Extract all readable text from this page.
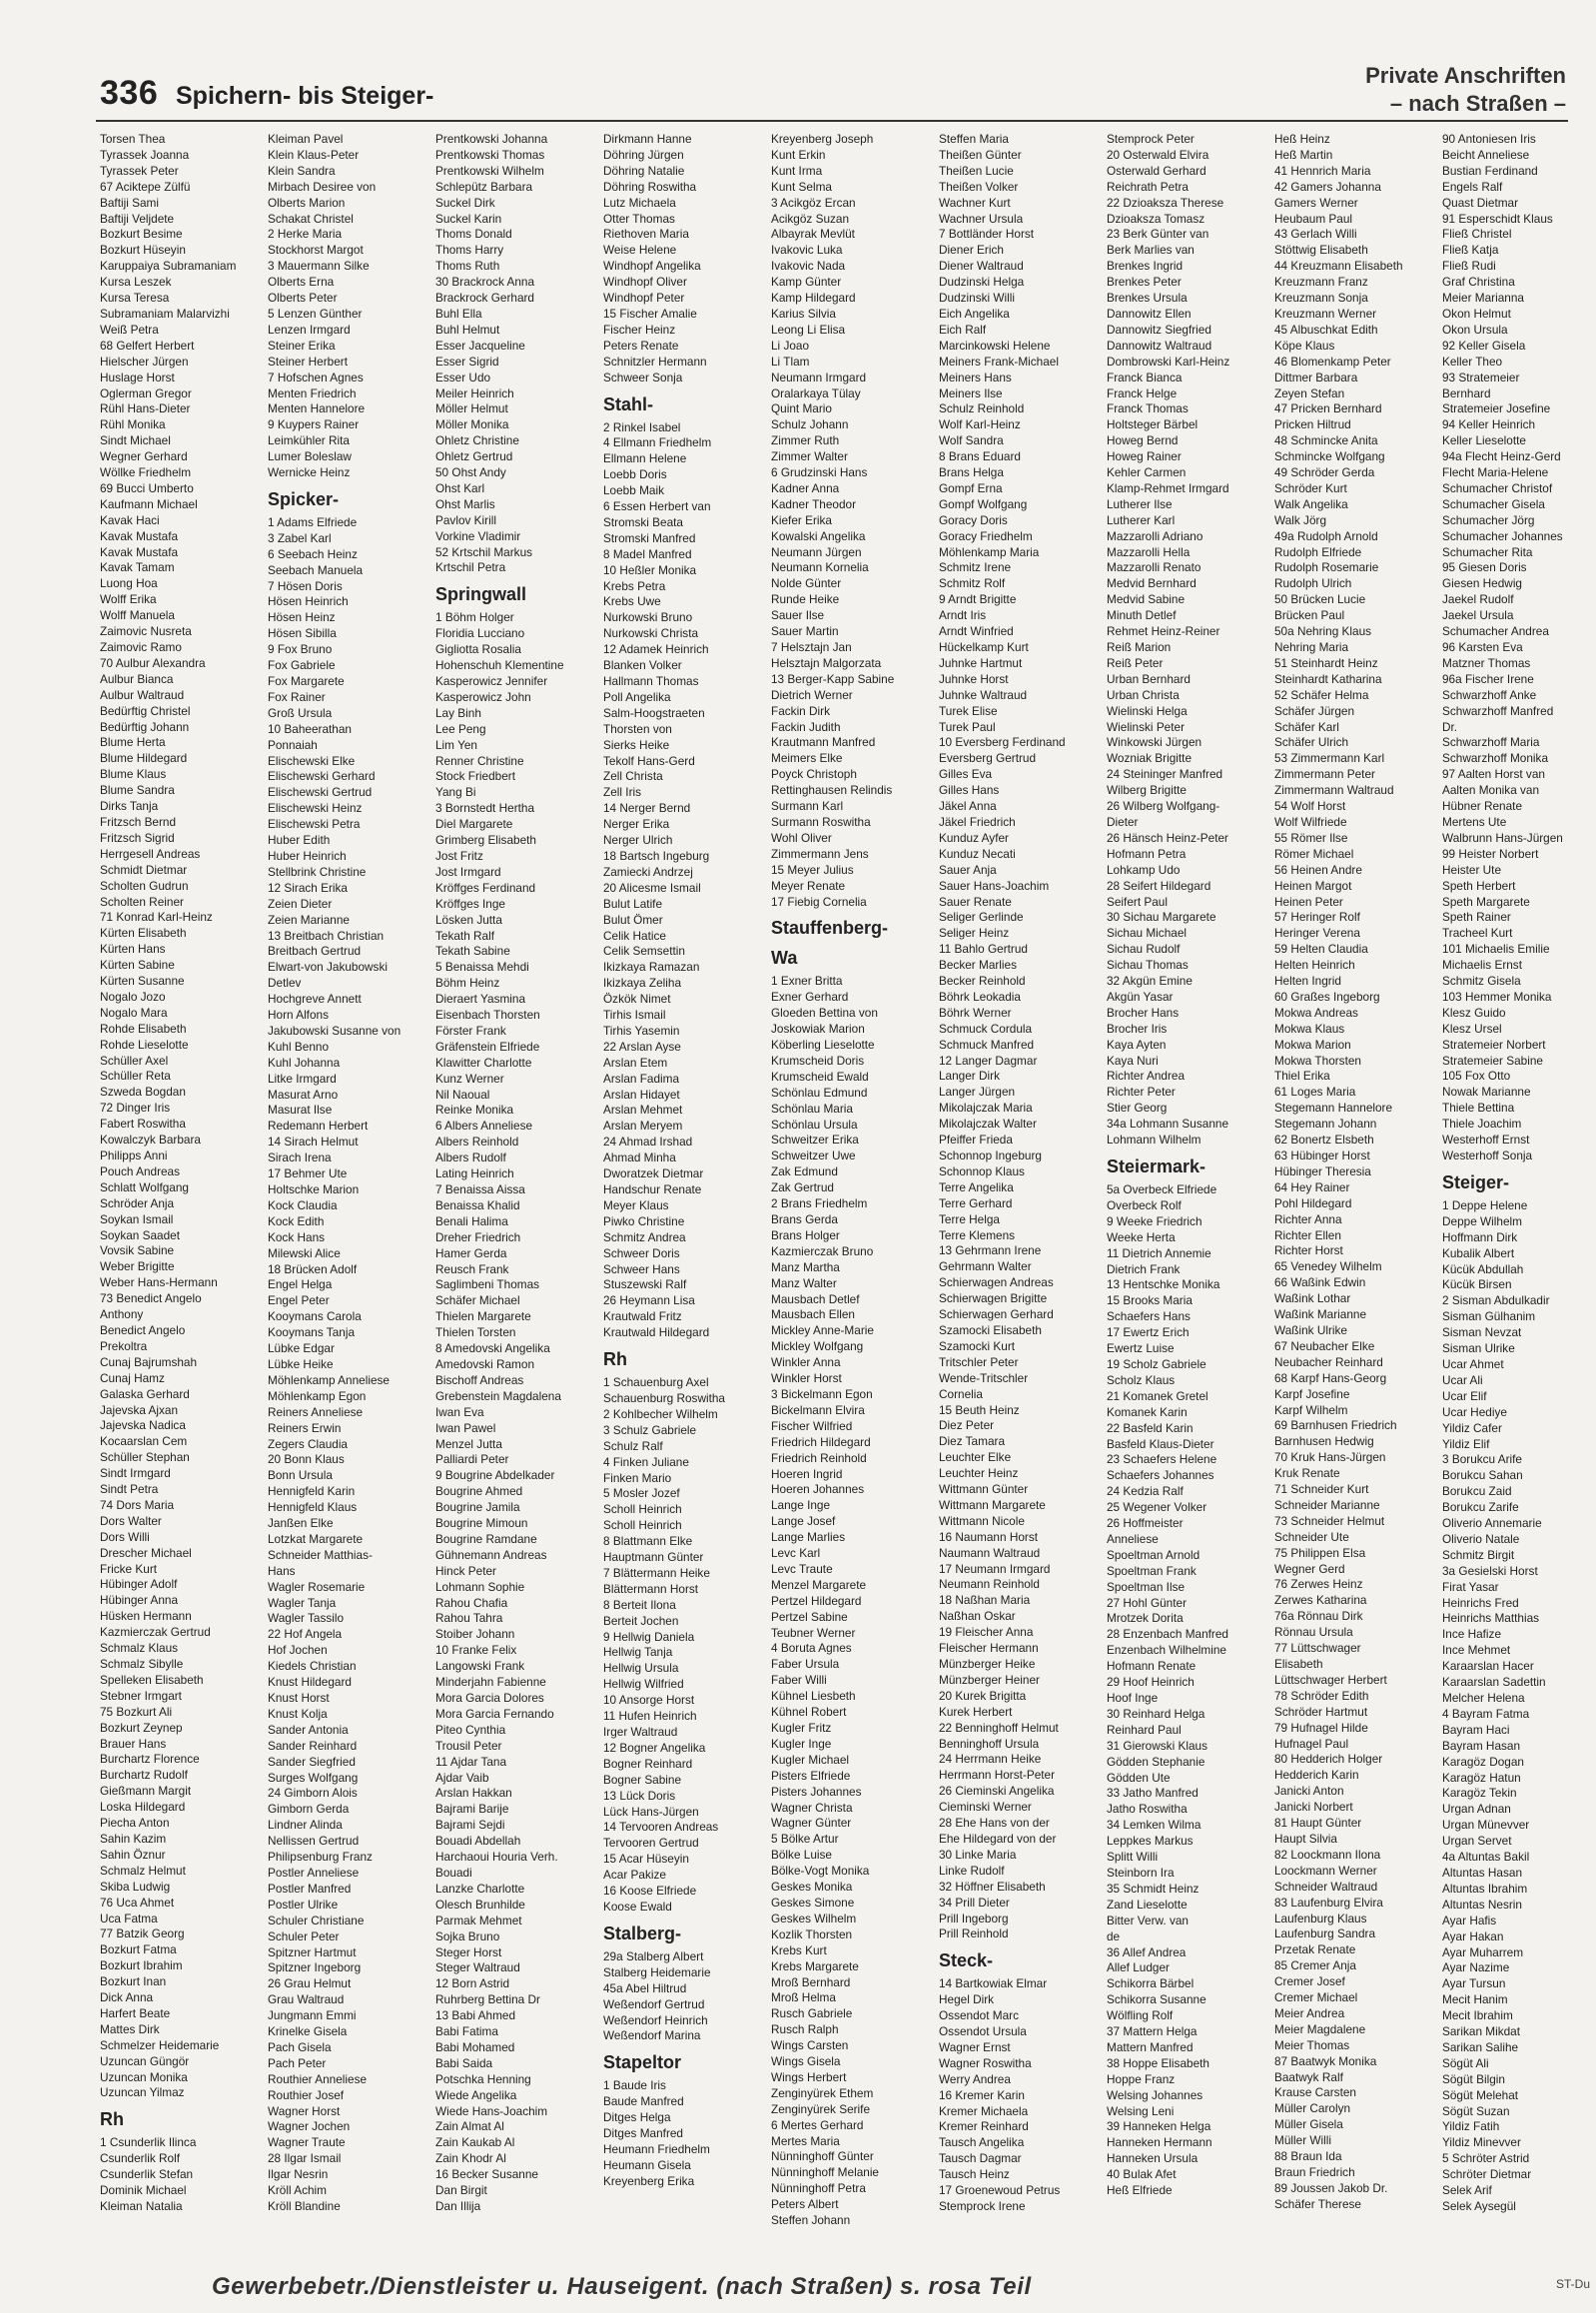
336 Spichern- bis Steiger-
Private Anschriften
– nach Straßen –
Torsen Thea
Tyrassek Joanna
Tyrassek Peter
67 Aciktepe Zülfü
Baftiji Sami
Baftiji Veljdete
Bozkurt Besime
Bozkurt Hüseyin
Karuppaiya Subramaniam
Kursa Leszek
Kursa Teresa
Subramaniam Malarvizhi
Weiß Petra
68 Gelfert Herbert
Hielscher Jürgen
Huslage Horst
Oglerman Gregor
Rühl Hans-Dieter
Rühl Monika
Sindt Michael
Wegner Gerhard
Wöllke Friedhelm
69 Bucci Umberto
Kaufmann Michael
Kavak Haci
Kavak Mustafa
Kavak Mustafa
Kavak Tamam
Luong Hoa
Wolff Erika
Wolff Manuela
Zaimovic Nusreta
Zaimovic Ramo
70 Aulbur Alexandra
Aulbur Bianca
Aulbur Waltraud
Bedürftig Christel
Bedürftig Johann
Blume Herta
Blume Hildegard
Blume Klaus
Blume Sandra
Dirks Tanja
Fritzsch Bernd
Fritzsch Sigrid
Herrgesell Andreas
Schmidt Dietmar
Scholten Gudrun
Scholten Reiner
71 Konrad Karl-Heinz
Kürten Elisabeth
Kürten Hans
Kürten Sabine
Kürten Susanne
Nogalo Jozo
Nogalo Mara
Rohde Elisabeth
Rohde Lieselotte
Schüller Axel
Schüller Reta
Szweda Bogdan
72 Dinger Iris
Fabert Roswitha
Kowalczyk Barbara
Philipps Anni
Pouch Andreas
Schlatt Wolfgang
Schröder Anja
Soykan Ismail
Soykan Saadet
Vovsik Sabine
Weber Brigitte
Weber Hans-Hermann
73 Benedict Angelo
Anthony
Benedict Angelo
Prekoltra
Cunaj Bajrumshah
Cunaj Hamz
Galaska Gerhard
Jajevska Ajxan
Jajevska Nadica
Kocaarslan Cem
Schüller Stephan
Sindt Irmgard
Sindt Petra
74 Dors Maria
Dors Walter
Dors Willi
Drescher Michael
Fricke Kurt
Hübinger Adolf
Hübinger Anna
Hüsken Hermann
Kazmierczak Gertrud
Schmalz Klaus
Schmalz Sibylle
Spelleken Elisabeth
Stebner Irmgart
75 Bozkurt Ali
Bozkurt Zeynep
Brauer Hans
Burchartz Florence
Burchartz Rudolf
Gießmann Margit
Loska Hildegard
Piecha Anton
Sahin Kazim
Sahin Öznur
Schmalz Helmut
Skiba Ludwig
76 Uca Ahmet
Uca Fatma
77 Batzik Georg
Bozkurt Fatma
Bozkurt Ibrahim
Bozkurt Inan
Dick Anna
Harfert Beate
Mattes Dirk
Schmelzer Heidemarie
Uzuncan Güngör
Uzuncan Monika
Uzuncan Yilmaz
Rh
1 Csunderlik Ilinca
Csunderlik Rolf
Csunderlik Stefan
Dominik Michael
Kleiman Natalia
Kleiman Pavel
Klein Klaus-Peter
Klein Sandra
Mirbach Desiree von
Olberts Marion
Schakat Christel
2 Herke Maria
Stockhorst Margot
3 Mauermann Silke
Olberts Erna
Olberts Peter
5 Lenzen Günther
Lenzen Irmgard
Steiner Erika
Steiner Herbert
7 Hofschen Agnes
Menten Friedrich
Menten Hannelore
9 Kuypers Rainer
Leimkühler Rita
Lumer Boleslaw
Wernicke Heinz
Spicker-
1 Adams Elfriede
3 Zabel Karl
6 Seebach Heinz
Seebach Manuela
7 Hösen Doris
Hösen Heinrich
Hösen Heinz
Hösen Sibilla
9 Fox Bruno
Fox Gabriele
Fox Margarete
Fox Rainer
Groß Ursula
10 Baheerathan
Ponnaiah
Elischewski Elke
Elischewski Gerhard
Elischewski Gertrud
Elischewski Heinz
Elischewski Petra
Huber Edith
Huber Heinrich
Stellbrink Christine
12 Sirach Erika
Zeien Dieter
Zeien Marianne
13 Breitbach Christian
Breitbach Gertrud
Elwart-von Jakubowski
Detlev
Hochgreve Annett
Horn Alfons
Jakubowski Susanne von
Kuhl Benno
Kuhl Johanna
Litke Irmgard
Masurat Arno
Masurat Ilse
Redemann Herbert
14 Sirach Helmut
Sirach Irena
17 Behmer Ute
Holtschke Marion
Kock Claudia
Kock Edith
Kock Hans
Milewski Alice
18 Brücken Adolf
Engel Helga
Engel Peter
Kooymans Carola
Kooymans Tanja
Lübke Edgar
Lübke Heike
Möhlenkamp Anneliese
Möhlenkamp Egon
Reiners Anneliese
Reiners Erwin
Zegers Claudia
20 Bonn Klaus
Bonn Ursula
Hennigfeld Karin
Hennigfeld Klaus
Janßen Elke
Lotzkat Margarete
Schneider Matthias-
Hans
Wagler Rosemarie
Wagler Tanja
Wagler Tassilo
22 Hof Angela
Hof Jochen
Kiedels Christian
Knust Hildegard
Knust Horst
Knust Kolja
Sander Antonia
Sander Reinhard
Sander Siegfried
Surges Wolfgang
24 Gimborn Alois
Gimborn Gerda
Lindner Alinda
Nellissen Gertrud
Philipsenburg Franz
Postler Anneliese
Postler Manfred
Postler Ulrike
Schuler Christiane
Schuler Peter
Spitzner Hartmut
Spitzner Ingeborg
26 Grau Helmut
Grau Waltraud
Jungmann Emmi
Krinelke Gisela
Pach Gisela
Pach Peter
Routhier Anneliese
Routhier Josef
Wagner Horst
Wagner Jochen
Wagner Traute
28 Ilgar Ismail
Ilgar Nesrin
Kröll Achim
Kröll Blandine
Prentkowski Johanna
Prentkowski Thomas
Prentkowski Wilhelm
Schlepütz Barbara
Suckel Dirk
Suckel Karin
Thoms Donald
Thoms Harry
Thoms Ruth
30 Brackrock Anna
Brackrock Gerhard
Buhl Ella
Buhl Helmut
Esser Jacqueline
Esser Sigrid
Esser Udo
Meiler Heinrich
Möller Helmut
Möller Monika
Ohletz Christine
Ohletz Gertrud
50 Ohst Andy
Ohst Karl
Ohst Marlis
Pavlov Kirill
Vorkine Vladimir
52 Krtschil Markus
Krtschil Petra
Springwall
1 Böhm Holger
Floridia Lucciano
Gigliotta Rosalia
Hohenschuh Klementine
Kasperowicz Jennifer
Kasperowicz John
Lay Binh
Lee Peng
Lim Yen
Renner Christine
Stock Friedbert
Yang Bi
3 Bornstedt Hertha
Diel Margarete
Grimberg Elisabeth
Jost Fritz
Jost Irmgard
Kröffges Ferdinand
Kröffges Inge
Lösken Jutta
Tekath Ralf
Tekath Sabine
5 Benaissa Mehdi
Böhm Heinz
Dieraert Yasmina
Eisenbach Thorsten
Förster Frank
Gräfenstein Elfriede
Klawitter Charlotte
Kunz Werner
Nil Naoual
Reinke Monika
6 Albers Anneliese
Albers Reinhold
Albers Rudolf
Lating Heinrich
7 Benaissa Aissa
Benaissa Khalid
Benali Halima
Dreher Friedrich
Hamer Gerda
Reusch Frank
Saglimbeni Thomas
Schäfer Michael
Thielen Margarete
Thielen Torsten
8 Amedovski Angelika
Amedovski Ramon
Bischoff Andreas
Grebenstein Magdalena
Iwan Eva
Iwan Pawel
Menzel Jutta
Palliardi Peter
9 Bougrine Abdelkader
Bougrine Ahmed
Bougrine Jamila
Bougrine Mimoun
Bougrine Ramdane
Gühnemann Andreas
Hinck Peter
Lohmann Sophie
Rahou Chafia
Rahou Tahra
Stoiber Johann
10 Franke Felix
Langowski Frank
Minderjahn Fabienne
Mora Garcia Dolores
Mora Garcia Fernando
Piteo Cynthia
Trousil Peter
11 Ajdar Tana
Ajdar Vaib
Arslan Hakkan
Bajrami Barije
Bajrami Sejdi
Bouadi Abdellah
Harchaoui Houria Verh.
Bouadi
Lanzke Charlotte
Olesch Brunhilde
Parmak Mehmet
Sojka Bruno
Steger Horst
Steger Waltraud
12 Born Astrid
Ruhrberg Bettina Dr
13 Babi Ahmed
Babi Fatima
Babi Mohamed
Babi Saida
Potschka Henning
Wiede Angelika
Wiede Hans-Joachim
Zain Almat Al
Zain Kaukab Al
Zain Khodr Al
16 Becker Susanne
Dan Birgit
Dan Illija
Dirkmann Hanne
Döhring Jürgen
Döhring Natalie
Döhring Roswitha
Lutz Michaela
Otter Thomas
Riethoven Maria
Weise Helene
Windhopf Angelika
Windhopf Oliver
Windhopf Peter
15 Fischer Amalie
Fischer Heinz
Peters Renate
Schnitzler Hermann
Schweer Sonja
Stahl-
2 Rinkel Isabel
4 Ellmann Friedhelm
Ellmann Helene
Loebb Doris
Loebb Maik
6 Essen Herbert van
Stromski Beata
Stromski Manfred
8 Madel Manfred
10 Heßler Monika
Krebs Petra
Krebs Uwe
Nurkowski Bruno
Nurkowski Christa
12 Adamek Heinrich
Blanken Volker
Hallmann Thomas
Poll Angelika
Salm-Hoogstraeten
Thorsten von
Sierks Heike
Tekolf Hans-Gerd
Zell Christa
Zell Iris
14 Nerger Bernd
Nerger Erika
Nerger Ulrich
18 Bartsch Ingeburg
Zamiecki Andrzej
20 Alicesme Ismail
Bulut Latife
Bulut Ömer
Celik Hatice
Celik Semsettin
Ikizkaya Ramazan
Ikizkaya Zeliha
Özkök Nimet
Tirhis Ismail
Tirhis Yasemin
22 Arslan Ayse
Arslan Etem
Arslan Fadima
Arslan Hidayet
Arslan Mehmet
Arslan Meryem
24 Ahmad Irshad
Ahmad Minha
Dworatzek Dietmar
Handschur Renate
Meyer Klaus
Piwko Christine
Schmitz Andrea
Schweer Doris
Schweer Hans
Stuszewski Ralf
26 Heymann Lisa
Krautwald Fritz
Krautwald Hildegard
Rh
1 Schauenburg Axel
Schauenburg Roswitha
2 Kohlbecher Wilhelm
3 Schulz Gabriele
Schulz Ralf
4 Finken Juliane
Finken Mario
5 Mosler Jozef
Scholl Heinrich
Scholl Heinrich
8 Blattmann Elke
Hauptmann Günter
7 Blättermann Heike
Blättermann Horst
8 Berteit Ilona
Berteit Jochen
9 Hellwig Daniela
Hellwig Tanja
Hellwig Ursula
Hellwig Wilfried
10 Ansorge Horst
11 Hufen Heinrich
Irger Waltraud
12 Bogner Angelika
Bogner Reinhard
Bogner Sabine
13 Lück Doris
Lück Hans-Jürgen
14 Tervooren Andreas
Tervooren Gertrud
15 Acar Hüseyin
Acar Pakize
16 Koose Elfriede
Koose Ewald
Stalberg-
29a Stalberg Albert
Stalberg Heidemarie
45a Abel Hiltrud
Weßendorf Gertrud
Weßendorf Heinrich
Weßendorf Marina
Stapeltor
1 Baude Iris
Baude Manfred
Ditges Helga
Ditges Manfred
Heumann Friedhelm
Heumann Gisela
Kreyenberg Erika
Kreyenberg Joseph
Kunt Erkin
Kunt Irma
Kunt Selma
3 Acikgöz Ercan
Acikgöz Suzan
Albayrak Mevlüt
Ivakovic Luka
Ivakovic Nada
Kamp Günter
Kamp Hildegard
Karius Silvia
Leong Li Elisa
Li Joao
Li Tlam
Neumann Irmgard
Oralarkaya Tülay
Quint Mario
Schulz Johann
Zimmer Ruth
Zimmer Walter
6 Grudzinski Hans
Kadner Anna
Kadner Theodor
Kiefer Erika
Kowalski Angelika
Neumann Jürgen
Neumann Kornelia
Nolde Günter
Runde Heike
Sauer Ilse
Sauer Martin
7 Helsztajn Jan
Helsztajn Malgorzata
13 Berger-Kapp Sabine
Dietrich Werner
Fackin Dirk
Fackin Judith
Krautmann Manfred
Meimers Elke
Poyck Christoph
Rettinghausen Relindis
Surmann Karl
Surmann Roswitha
Wohl Oliver
Zimmermann Jens
15 Meyer Julius
Meyer Renate
17 Fiebig Cornelia
Stauffenberg-
Wa
1 Exner Britta
Exner Gerhard
Gloeden Bettina von
Joskowiak Marion
Köberling Lieselotte
Krumscheid Doris
Krumscheid Ewald
Schönlau Edmund
Schönlau Maria
Schönlau Ursula
Schweitzer Erika
Schweitzer Uwe
Zak Edmund
Zak Gertrud
2 Brans Friedhelm
Brans Gerda
Brans Holger
Kazmierczak Bruno
Manz Martha
Manz Walter
Mausbach Detlef
Mausbach Ellen
Mickley Anne-Marie
Mickley Wolfgang
Winkler Anna
Winkler Horst
3 Bickelmann Egon
Bickelmann Elvira
Fischer Wilfried
Friedrich Hildegard
Friedrich Reinhold
Hoeren Ingrid
Hoeren Johannes
Lange Inge
Lange Josef
Lange Marlies
Levc Karl
Levc Traute
Menzel Margarete
Pertzel Hildegard
Pertzel Sabine
Teubner Werner
4 Boruta Agnes
Faber Ursula
Faber Willi
Kühnel Liesbeth
Kühnel Robert
Kugler Fritz
Kugler Inge
Kugler Michael
Pisters Elfriede
Pisters Johannes
Wagner Christa
Wagner Günter
5 Bölke Artur
Bölke Luise
Bölke-Vogt Monika
Geskes Monika
Geskes Simone
Geskes Wilhelm
Kozlik Thorsten
Krebs Kurt
Krebs Margarete
Mroß Bernhard
Mroß Helma
Rusch Gabriele
Rusch Ralph
Wings Carsten
Wings Gisela
Wings Herbert
Zenginyürek Ethem
Zenginyürek Serife
6 Mertes Gerhard
Mertes Maria
Nünninghoff Günter
Nünninghoff Melanie
Nünninghoff Petra
Peters Albert
Steffen Johann
Steffen Maria
Theißen Günter
Theißen Lucie
Theißen Volker
Wachner Kurt
Wachner Ursula
7 Bottländer Horst
Diener Erich
Diener Waltraud
Dudzinski Helga
Dudzinski Willi
Eich Angelika
Eich Ralf
Marcinkowski Helene
Meiners Frank-Michael
Meiners Hans
Meiners Ilse
Schulz Reinhold
Wolf Karl-Heinz
Wolf Sandra
8 Brans Eduard
Brans Helga
Gompf Erna
Gompf Wolfgang
Goracy Doris
Goracy Friedhelm
Möhlenkamp Maria
Schmitz Irene
Schmitz Rolf
9 Arndt Brigitte
Arndt Iris
Arndt Winfried
Hückelkamp Kurt
Juhnke Hartmut
Juhnke Horst
Juhnke Waltraud
Turek Elise
Turek Paul
10 Eversberg Ferdinand
Eversberg Gertrud
Gilles Eva
Gilles Hans
Jäkel Anna
Jäkel Friedrich
Kunduz Ayfer
Kunduz Necati
Sauer Anja
Sauer Hans-Joachim
Sauer Renate
Seliger Gerlinde
Seliger Heinz
11 Bahlo Gertrud
Becker Marlies
Becker Reinhold
Böhrk Leokadia
Böhrk Werner
Schmuck Cordula
Schmuck Manfred
12 Langer Dagmar
Langer Dirk
Langer Jürgen
Mikolajczak Maria
Mikolajczak Walter
Pfeiffer Frieda
Schonnop Ingeburg
Schonnop Klaus
Terre Angelika
Terre Gerhard
Terre Helga
Terre Klemens
13 Gehrmann Irene
Gehrmann Walter
Schierwagen Andreas
Schierwagen Brigitte
Schierwagen Gerhard
Szamocki Elisabeth
Szamocki Kurt
Tritschler Peter
Wende-Tritschler
Cornelia
15 Beuth Heinz
Diez Peter
Diez Tamara
Leuchter Elke
Leuchter Heinz
Wittmann Günter
Wittmann Margarete
Wittmann Nicole
16 Naumann Horst
Naumann Waltraud
17 Neumann Irmgard
Neumann Reinhold
18 Naßhan Maria
Naßhan Oskar
19 Fleischer Anna
Fleischer Hermann
Münzberger Heike
Münzberger Heiner
20 Kurek Brigitta
Kurek Herbert
22 Benninghoff Helmut
Benninghoff Ursula
24 Herrmann Heike
Herrmann Horst-Peter
26 Cieminski Angelika
Cieminski Werner
28 Ehe Hans von der
Ehe Hildegard von der
30 Linke Maria
Linke Rudolf
32 Höffner Elisabeth
34 Prill Dieter
Prill Ingeborg
Prill Reinhold
Steck-
14 Bartkowiak Elmar
Hegel Dirk
Ossendot Marc
Ossendot Ursula
Wagner Ernst
Wagner Roswitha
Werry Andrea
16 Kremer Karin
Kremer Michaela
Kremer Reinhard
Tausch Angelika
Tausch Dagmar
Tausch Heinz
17 Groenewoud Petrus
Stemprock Irene
Stemprock Peter
20 Osterwald Elvira
Osterwald Gerhard
Reichrath Petra
22 Dzioaksza Therese
Dzioaksza Tomasz
23 Berk Günter van
Berk Marlies van
Brenkes Ingrid
Brenkes Peter
Brenkes Ursula
Dannowitz Ellen
Dannowitz Siegfried
Dannowitz Waltraud
Dombrowski Karl-Heinz
Franck Bianca
Franck Helge
Franck Thomas
Holtsteger Bärbel
Howeg Bernd
Howeg Rainer
Kehler Carmen
Klamp-Rehmet Irmgard
Lutherer Ilse
Lutherer Karl
Mazzarolli Adriano
Mazzarolli Hella
Mazzarolli Renato
Medvid Bernhard
Medvid Sabine
Minuth Detlef
Rehmet Heinz-Reiner
Reiß Marion
Reiß Peter
Urban Bernhard
Urban Christa
Wielinski Helga
Wielinski Peter
Winkowski Jürgen
Wozniak Brigitte
24 Steininger Manfred
Wilberg Brigitte
26 Wilberg Wolfgang-
Dieter
26 Hänsch Heinz-Peter
Hofmann Petra
Lohkamp Udo
28 Seifert Hildegard
Seifert Paul
30 Sichau Margarete
Sichau Michael
Sichau Rudolf
Sichau Thomas
32 Akgün Emine
Akgün Yasar
Brocher Hans
Brocher Iris
Kaya Ayten
Kaya Nuri
Richter Andrea
Richter Peter
Stier Georg
34a Lohmann Susanne
Lohmann Wilhelm
Steiermark-
5a Overbeck Elfriede
Overbeck Rolf
9 Weeke Friedrich
Weeke Herta
11 Dietrich Annemie
Dietrich Frank
13 Hentschke Monika
15 Brooks Maria
Schaefers Hans
17 Ewertz Erich
Ewertz Luise
19 Scholz Gabriele
Scholz Klaus
21 Komanek Gretel
Komanek Karin
22 Basfeld Karin
Basfeld Klaus-Dieter
23 Schaefers Helene
Schaefers Johannes
24 Kedzia Ralf
25 Wegener Volker
26 Hoffmeister
Anneliese
Spoeltman Arnold
Spoeltman Frank
Spoeltman Ilse
27 Hohl Günter
Mrotzek Dorita
28 Enzenbach Manfred
Enzenbach Wilhelmine
Hofmann Renate
29 Hoof Heinrich
Hoof Inge
30 Reinhard Helga
Reinhard Paul
31 Gierowski Klaus
Gödden Stephanie
Gödden Ute
33 Jatho Manfred
Jatho Roswitha
34 Lemken Wilma
Leppkes Markus
Splitt Willi
Steinborn Ira
35 Schmidt Heinz
Zand Lieselotte
Bitter Verw. van
de
36 Allef Andrea
Allef Ludger
Schikorra Bärbel
Schikorra Susanne
Wölfling Rolf
37 Mattern Helga
Mattern Manfred
38 Hoppe Elisabeth
Hoppe Franz
Welsing Johannes
Welsing Leni
39 Hanneken Helga
Hanneken Hermann
Hanneken Ursula
40 Bulak Afet
Heß Elfriede
Heß Heinz
Heß Martin
41 Hennrich Maria
42 Gamers Johanna
Gamers Werner
Heubaum Paul
43 Gerlach Willi
Stöttwig Elisabeth
44 Kreuzmann Elisabeth
Kreuzmann Franz
Kreuzmann Sonja
Kreuzmann Werner
45 Albuschkat Edith
Köpe Klaus
46 Blomenkamp Peter
Dittmer Barbara
Zeyen Stefan
47 Pricken Bernhard
Pricken Hiltrud
48 Schmincke Anita
Schmincke Wolfgang
49 Schröder Gerda
Schröder Kurt
Walk Angelika
Walk Jörg
49a Rudolph Arnold
Rudolph Elfriede
Rudolph Rosemarie
Rudolph Ulrich
50 Brücken Lucie
Brücken Paul
50a Nehring Klaus
Nehring Maria
51 Steinhardt Heinz
Steinhardt Katharina
52 Schäfer Helma
Schäfer Jürgen
Schäfer Karl
Schäfer Ulrich
53 Zimmermann Karl
Zimmermann Peter
Zimmermann Waltraud
54 Wolf Horst
Wolf Wilfriede
55 Römer Ilse
Römer Michael
56 Heinen Andre
Heinen Margot
Heinen Peter
57 Heringer Rolf
Heringer Verena
59 Helten Claudia
Helten Heinrich
Helten Ingrid
60 Graßes Ingeborg
Mokwa Andreas
Mokwa Klaus
Mokwa Marion
Mokwa Thorsten
Thiel Erika
61 Loges Maria
Stegemann Hannelore
Stegemann Johann
62 Bonertz Elsbeth
63 Hübinger Horst
Hübinger Theresia
64 Hey Rainer
Pohl Hildegard
Richter Anna
Richter Ellen
Richter Horst
65 Venedey Wilhelm
66 Waßink Edwin
Waßink Lothar
Waßink Marianne
Waßink Ulrike
67 Neubacher Elke
Neubacher Reinhard
68 Karpf Hans-Georg
Karpf Josefine
Karpf Wilhelm
69 Barnhusen Friedrich
Barnhusen Hedwig
70 Kruk Hans-Jürgen
Kruk Renate
71 Schneider Kurt
Schneider Marianne
73 Schneider Helmut
Schneider Ute
75 Philippen Elsa
Wegner Gerd
76 Zerwes Heinz
Zerwes Katharina
76a Rönnau Dirk
Rönnau Ursula
77 Lüttschwager
Elisabeth
Lüttschwager Herbert
78 Schröder Edith
Schröder Hartmut
79 Hufnagel Hilde
Hufnagel Paul
80 Hedderich Holger
Hedderich Karin
Janicki Anton
Janicki Norbert
81 Haupt Günter
Haupt Silvia
82 Loockmann Ilona
Loockmann Werner
Schneider Waltraud
83 Laufenburg Elvira
Laufenburg Klaus
Laufenburg Sandra
Przetak Renate
85 Cremer Anja
Cremer Josef
Cremer Michael
Meier Andrea
Meier Magdalene
Meier Thomas
87 Baatwyk Monika
Baatwyk Ralf
Krause Carsten
Müller Carolyn
Müller Gisela
Müller Willi
88 Braun Ida
Braun Friedrich
89 Joussen Jakob Dr.
Schäfer Therese
90 Antoniesen Iris
Beicht Anneliese
Bustian Ferdinand
Engels Ralf
Quast Dietmar
91 Esperschidt Klaus
Fließ Christel
Fließ Katja
Fließ Rudi
Graf Christina
Meier Marianna
Okon Helmut
Okon Ursula
92 Keller Gisela
Keller Theo
93 Stratemeier
Bernhard
Stratemeier Josefine
94 Keller Heinrich
Keller Lieselotte
94a Flecht Heinz-Gerd
Flecht Maria-Helene
Schumacher Christof
Schumacher Gisela
Schumacher Jörg
Schumacher Johannes
Schumacher Rita
95 Giesen Doris
Giesen Hedwig
Jaekel Rudolf
Jaekel Ursula
Schumacher Andrea
96 Karsten Eva
Matzner Thomas
96a Fischer Irene
Schwarzhoff Anke
Schwarzhoff Manfred
Dr.
Schwarzhoff Maria
Schwarzhoff Monika
97 Aalten Horst van
Aalten Monika van
Hübner Renate
Mertens Ute
Walbrunn Hans-Jürgen
99 Heister Norbert
Heister Ute
Speth Herbert
Speth Margarete
Speth Rainer
Tracheel Kurt
101 Michaelis Emilie
Michaelis Ernst
Schmitz Gisela
103 Hemmer Monika
Klesz Guido
Klesz Ursel
Stratemeier Norbert
Stratemeier Sabine
105 Fox Otto
Nowak Marianne
Thiele Bettina
Thiele Joachim
Westerhoff Ernst
Westerhoff Sonja
Steiger-
1 Deppe Helene
Deppe Wilhelm
Hoffmann Dirk
Kubalik Albert
Kücük Abdullah
Kücük Birsen
2 Sisman Abdulkadir
Sisman Gülhanim
Sisman Nevzat
Sisman Ulrike
Ucar Ahmet
Ucar Ali
Ucar Elif
Ucar Hediye
Yildiz Cafer
Yildiz Elif
3 Borukcu Arife
Borukcu Sahan
Borukcu Zaid
Borukcu Zarife
Oliverio Annemarie
Oliverio Natale
Schmitz Birgit
3a Gesielski Horst
Firat Yasar
Heinrichs Fred
Heinrichs Matthias
Ince Hafize
Ince Mehmet
Karaarslan Hacer
Karaarslan Sadettin
Melcher Helena
4 Bayram Fatma
Bayram Haci
Bayram Hasan
Karagöz Dogan
Karagöz Hatun
Karagöz Tekin
Urgan Adnan
Urgan Münevver
Urgan Servet
4a Altuntas Bakil
Altuntas Hasan
Altuntas Ibrahim
Altuntas Nesrin
Ayar Hafis
Ayar Hakan
Ayar Muharrem
Ayar Nazime
Ayar Tursun
Mecit Hanim
Mecit Ibrahim
Sarikan Mikdat
Sarikan Salihe
Sögüt Ali
Sögüt Bilgin
Sögüt Melehat
Sögüt Suzan
Yildiz Fatih
Yildiz Minevver
5 Schröter Astrid
Schröter Dietmar
Selek Arif
Selek Aysegül
Gewerbebetr./Dienstleister u. Hauseigent. (nach Straßen) s. rosa Teil	ST-Du
